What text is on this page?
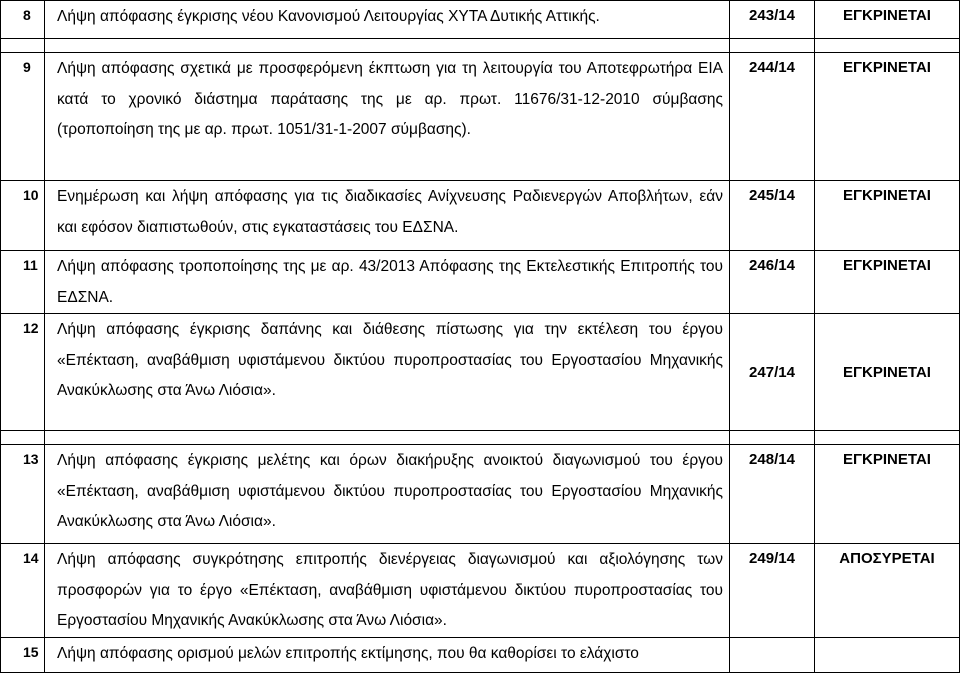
8	Λήψη απόφασης έγκρισης νέου Κανονισμού Λειτουργίας ΧΥΤΑ Δυτικής Αττικής.	243/14	ΕΓΚΡΙΝΕΤΑΙ

9	Λήψη απόφασης σχετικά με προσφερόμενη έκπτωση για τη λειτουργία του Αποτεφρωτήρα ΕΙΑ κατά το χρονικό διάστημα παράτασης της με αρ. πρωτ. 11676/31-12-2010 σύμβασης (τροποποίηση της με αρ. πρωτ. 1051/31-1-2007 σύμβασης).	244/14	ΕΓΚΡΙΝΕΤΑΙ

10	Ενημέρωση και λήψη απόφασης για τις διαδικασίες Ανίχνευσης Ραδιενεργών Αποβλήτων, εάν και εφόσον διαπιστωθούν, στις εγκαταστάσεις του ΕΔΣΝΑ.	245/14	ΕΓΚΡΙΝΕΤΑΙ

11	Λήψη απόφασης τροποποίησης της με αρ. 43/2013 Απόφασης της Εκτελεστικής Επιτροπής του ΕΔΣΝΑ.	246/14	ΕΓΚΡΙΝΕΤΑΙ

12	Λήψη απόφασης έγκρισης δαπάνης και διάθεσης πίστωσης για την εκτέλεση του έργου «Επέκταση, αναβάθμιση υφιστάμενου δικτύου πυροπροστασίας του Εργοστασίου Μηχανικής Ανακύκλωσης στα Άνω Λιόσια».	247/14	ΕΓΚΡΙΝΕΤΑΙ

13	Λήψη απόφασης έγκρισης μελέτης και όρων διακήρυξης ανοικτού διαγωνισμού του έργου «Επέκταση, αναβάθμιση υφιστάμενου δικτύου πυροπροστασίας του Εργοστασίου Μηχανικής Ανακύκλωσης στα Άνω Λιόσια».	248/14	ΕΓΚΡΙΝΕΤΑΙ

14	Λήψη απόφασης συγκρότησης επιτροπής διενέργειας διαγωνισμού και αξιολόγησης των προσφορών για το έργο «Επέκταση, αναβάθμιση υφιστάμενου δικτύου πυροπροστασίας του Εργοστασίου Μηχανικής Ανακύκλωσης στα Άνω Λιόσια».	249/14	ΑΠΟΣΥΡΕΤΑΙ

15	Λήψη απόφασης ορισμού μελών επιτροπής εκτίμησης, που θα καθορίσει το ελάχιστο	
